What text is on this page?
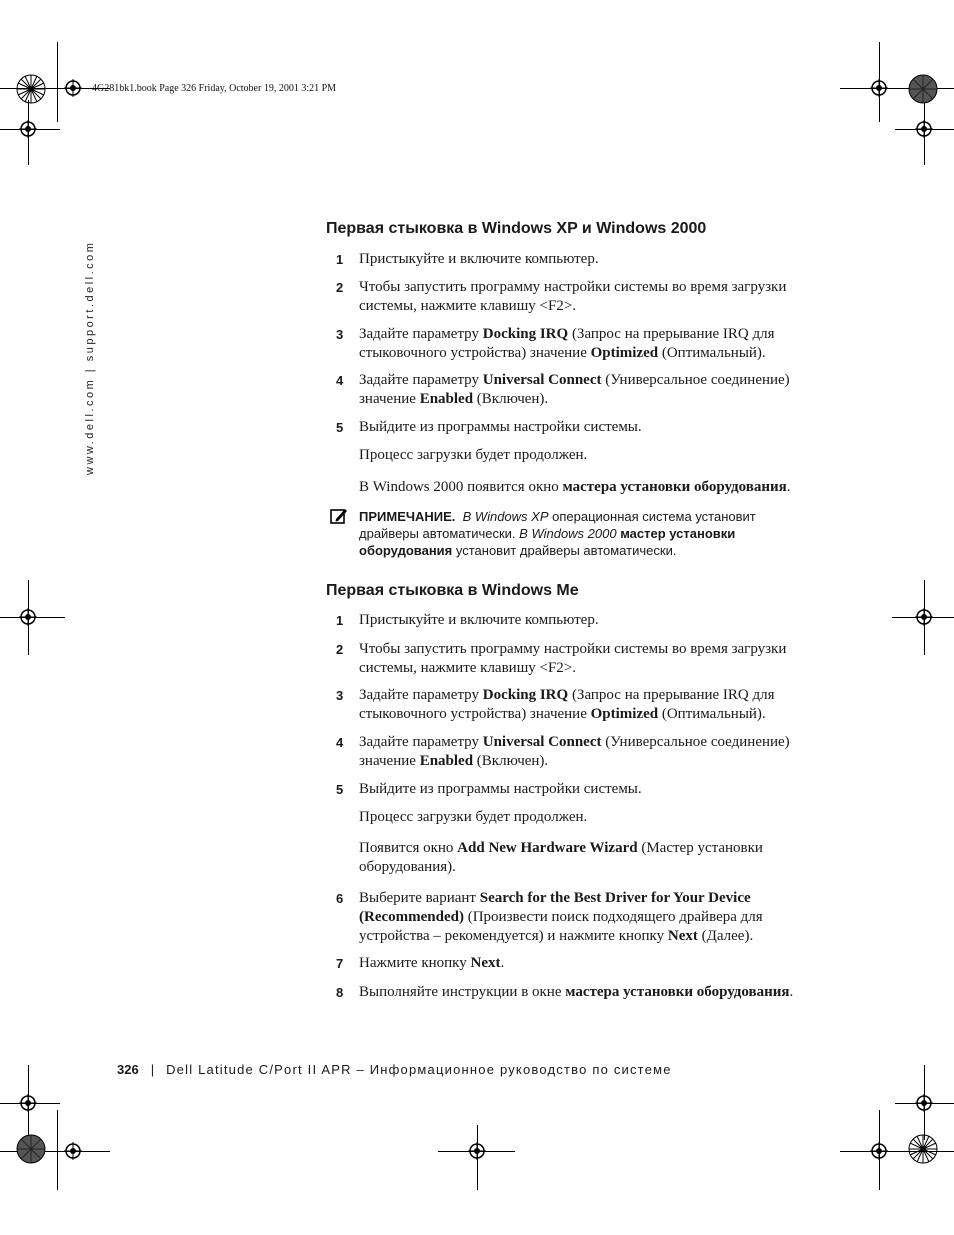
4G281bk1.book Page 326 Friday, October 19, 2001 3:21 PM
www.dell.com | support.dell.com
Первая стыковка в Windows XP и Windows 2000
1 Пристыкуйте и включите компьютер.
2 Чтобы запустить программу настройки системы во время загрузки системы, нажмите клавишу <F2>.
3 Задайте параметру Docking IRQ (Запрос на прерывание IRQ для стыковочного устройства) значение Optimized (Оптимальный).
4 Задайте параметру Universal Connect (Универсальное соединение) значение Enabled (Включен).
5 Выйдите из программы настройки системы.
Процесс загрузки будет продолжен.
В Windows 2000 появится окно мастера установки оборудования.
ПРИМЕЧАНИЕ. В Windows XP операционная система установит драйверы автоматически. В Windows 2000 мастер установки оборудования установит драйверы автоматически.
Первая стыковка в Windows Me
1 Пристыкуйте и включите компьютер.
2 Чтобы запустить программу настройки системы во время загрузки системы, нажмите клавишу <F2>.
3 Задайте параметру Docking IRQ (Запрос на прерывание IRQ для стыковочного устройства) значение Optimized (Оптимальный).
4 Задайте параметру Universal Connect (Универсальное соединение) значение Enabled (Включен).
5 Выйдите из программы настройки системы.
Процесс загрузки будет продолжен.
Появится окно Add New Hardware Wizard (Мастер установки оборудования).
6 Выберите вариант Search for the Best Driver for Your Device (Recommended) (Произвести поиск подходящего драйвера для устройства – рекомендуется) и нажмите кнопку Next (Далее).
7 Нажмите кнопку Next.
8 Выполняйте инструкции в окне мастера установки оборудования.
326 | Dell Latitude C/Port II APR – Информационное руководство по системе
